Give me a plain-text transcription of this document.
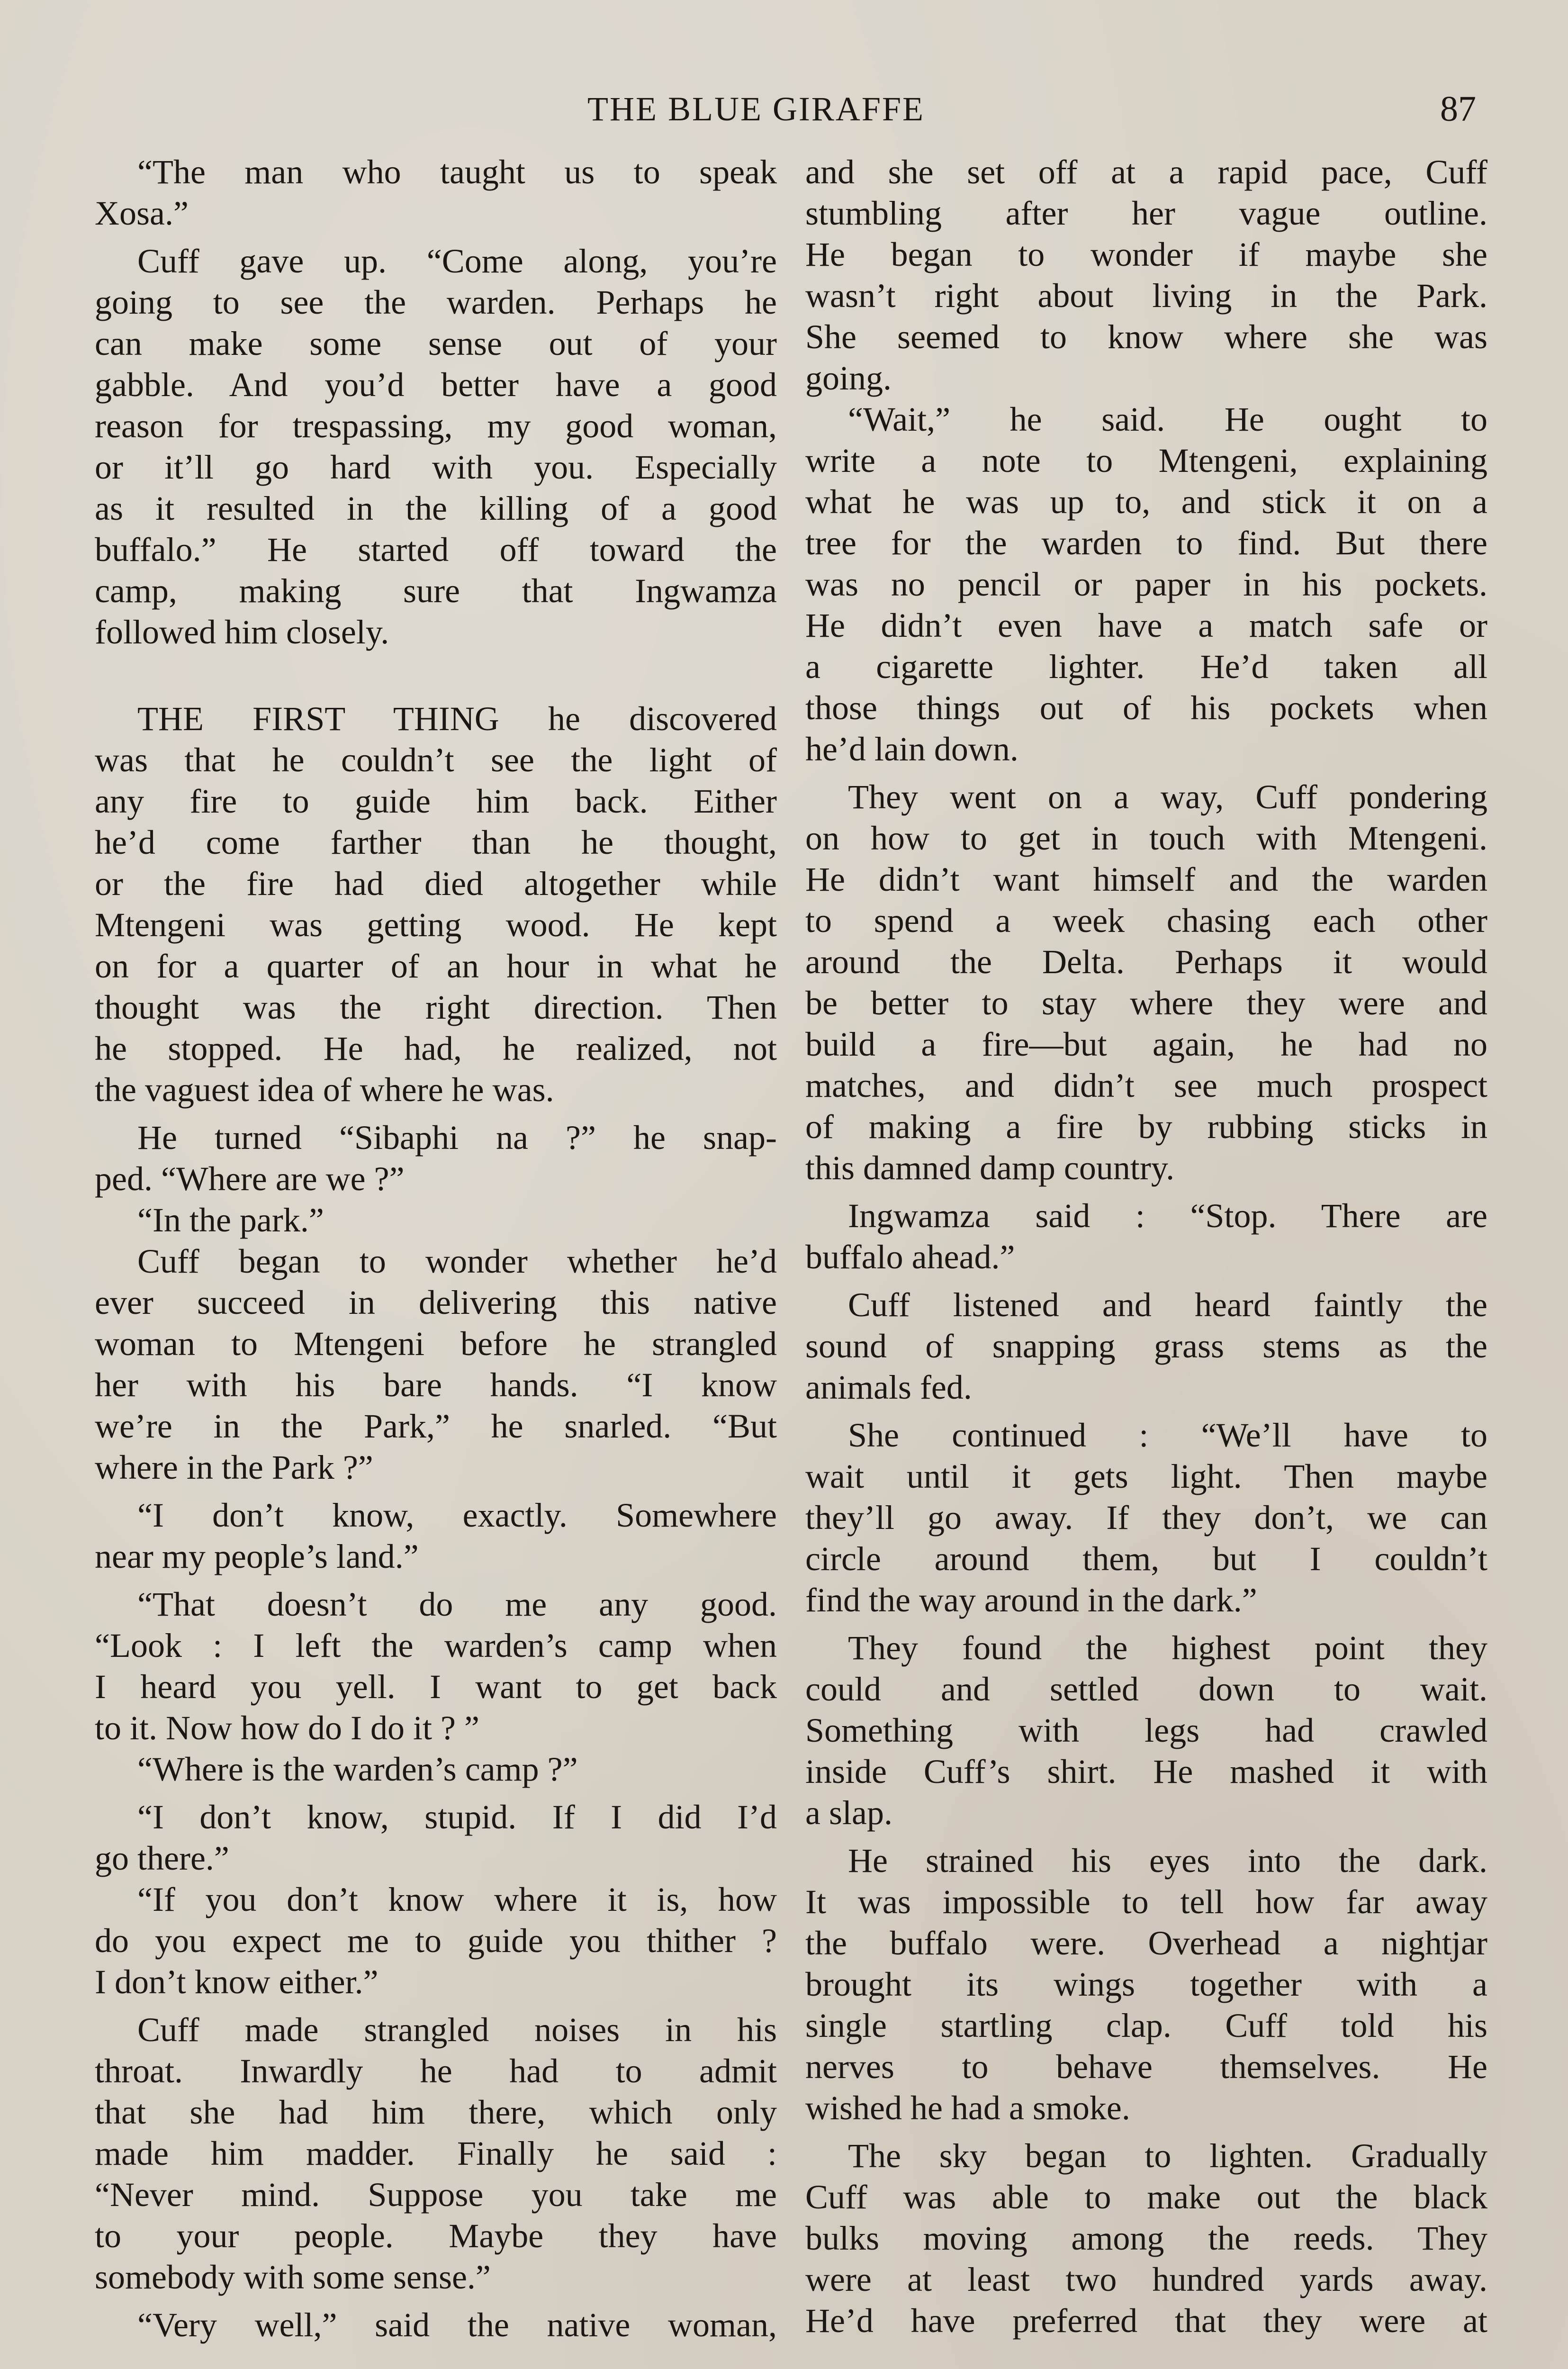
THE BLUE GIRAFFE	87
“The man who taught us to speak
Xosa.”
Cuff gave up. “Come along, you’re
going to see the warden. Perhaps he
can make some sense out of your
gabble. And you’d better have a good
reason for trespassing, my good woman,
or it’ll go hard with you. Especially
as it resulted in the killing of a good
buffalo.” He started off toward the
camp, making sure that Ingwamza
followed him closely.
THE FIRST THING he discovered
was that he couldn’t see the light of
any fire to guide him back. Either
he’d come farther than he thought,
or the fire had died altogether while
Mtengeni was getting wood. He kept
on for a quarter of an hour in what he
thought was the right direction. Then
he stopped. He had, he realized, not
the vaguest idea of where he was.
He turned “Sibaphi na ?” he snap-
ped. “Where are we ?”
“In the park.”
Cuff began to wonder whether he’d
ever succeed in delivering this native
woman to Mtengeni before he strangled
her with his bare hands. “I know
we’re in the Park,” he snarled. “But
where in the Park ?”
“I don’t know, exactly. Somewhere
near my people’s land.”
“That doesn’t do me any good.
“Look : I left the warden’s camp when
I heard you yell. I want to get back
to it. Now how do I do it ? ”
“Where is the warden’s camp ?”
“I don’t know, stupid. If I did I’d
go there.”
“If you don’t know where it is, how
do you expect me to guide you thither ?
I don’t know either.”
Cuff made strangled noises in his
throat. Inwardly he had to admit
that she had him there, which only
made him madder. Finally he said :
“Never mind. Suppose you take me
to your people. Maybe they have
somebody with some sense.”
“Very well,” said the native woman,
and she set off at a rapid pace, Cuff
stumbling after her vague outline.
He began to wonder if maybe she
wasn’t right about living in the Park.
She seemed to know where she was
going.
“Wait,” he said. He ought to
write a note to Mtengeni, explaining
what he was up to, and stick it on a
tree for the warden to find. But there
was no pencil or paper in his pockets.
He didn’t even have a match safe or
a cigarette lighter. He’d taken all
those things out of his pockets when
he’d lain down.
They went on a way, Cuff pondering
on how to get in touch with Mtengeni.
He didn’t want himself and the warden
to spend a week chasing each other
around the Delta. Perhaps it would
be better to stay where they were and
build a fire—but again, he had no
matches, and didn’t see much prospect
of making a fire by rubbing sticks in
this damned damp country.
Ingwamza said : “Stop. There are
buffalo ahead.”
Cuff listened and heard faintly the
sound of snapping grass stems as the
animals fed.
She continued : “We’ll have to
wait until it gets light. Then maybe
they’ll go away. If they don’t, we can
circle around them, but I couldn’t
find the way around in the dark.”
They found the highest point they
could and settled down to wait.
Something with legs had crawled
inside Cuff’s shirt. He mashed it with
a slap.
He strained his eyes into the dark.
It was impossible to tell how far away
the buffalo were. Overhead a nightjar
brought its wings together with a
single startling clap. Cuff told his
nerves to behave themselves. He
wished he had a smoke.
The sky began to lighten. Gradually
Cuff was able to make out the black
bulks moving among the reeds. They
were at least two hundred yards away.
He’d have preferred that they were at
